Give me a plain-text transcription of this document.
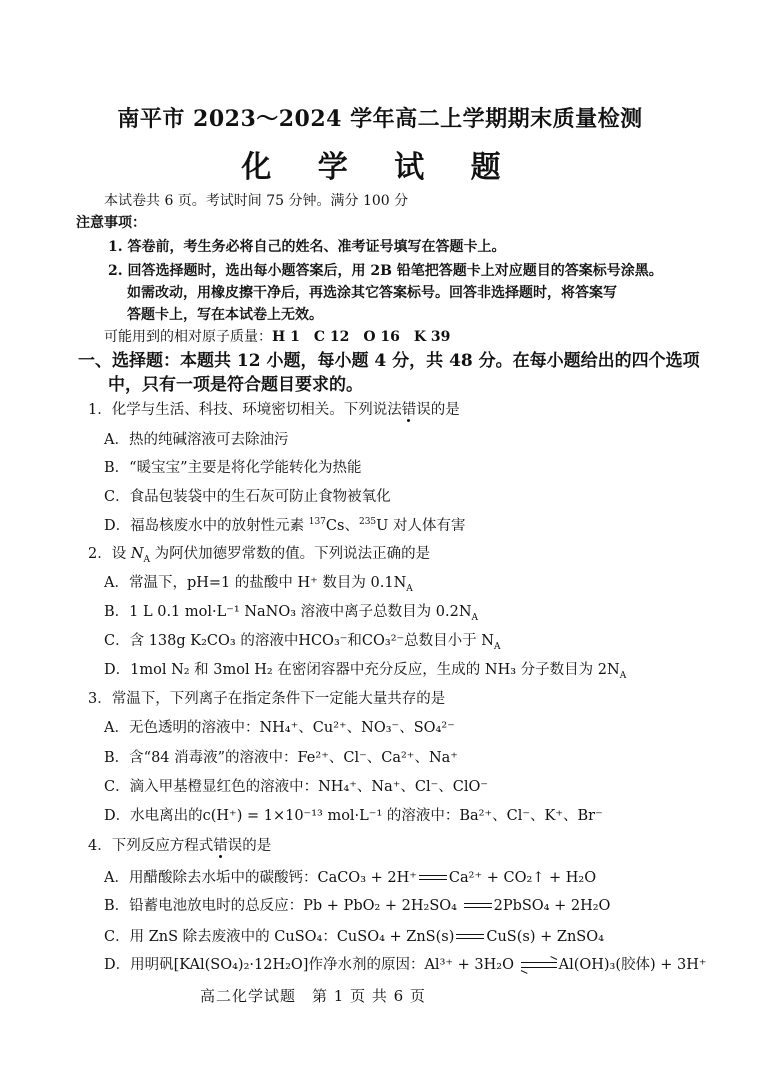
南平市 2023～2024 学年高二上学期期末质量检测
化 学 试 题
本试卷共 6 页。考试时间 75 分钟。满分 100 分
注意事项：
1. 答卷前，考生务必将自己的姓名、准考证号填写在答题卡上。
2. 回答选择题时，选出每小题答案后，用 2B 铅笔把答题卡上对应题目的答案标号涂黑。
如需改动，用橡皮擦干净后，再选涂其它答案标号。回答非选择题时，将答案写
答题卡上，写在本试卷上无效。
可能用到的相对原子质量：H 1　C 12　O 16　K 39
一、选择题：本题共 12 小题，每小题 4 分，共 48 分。在每小题给出的四个选项
中，只有一项是符合题目要求的。
1．化学与生活、科技、环境密切相关。下列说法错误的是
A．热的纯碱溶液可去除油污
B．“暖宝宝”主要是将化学能转化为热能
C．食品包装袋中的生石灰可防止食物被氧化
D．福岛核废水中的放射性元素 $^{137}$Cs、$^{235}$U 对人体有害
2．设 $N_A$ 为阿伏加德罗常数的值。下列说法正确的是
A．常温下，pH=1 的盐酸中 H⁺ 数目为 $0.1N_A$
B．1 L 0.1 mol·L⁻¹ NaNO₃ 溶液中离子总数目为 $0.2N_A$
C．含 138g K₂CO₃ 的溶液中HCO₃⁻和CO₃²⁻总数目小于 $N_A$
D．1mol N₂ 和 3mol H₂ 在密闭容器中充分反应，生成的 NH₃ 分子数目为 $2N_A$
3．常温下，下列离子在指定条件下一定能大量共存的是
A．无色透明的溶液中：NH₄⁺、Cu²⁺、NO₃⁻、SO₄²⁻
B．含“84 消毒液”的溶液中：Fe²⁺、Cl⁻、Ca²⁺、Na⁺
C．滴入甲基橙显红色的溶液中：NH₄⁺、Na⁺、Cl⁻、ClO⁻
D．水电离出的c(H⁺) = 1×10⁻¹³ mol·L⁻¹ 的溶液中：Ba²⁺、Cl⁻、K⁺、Br⁻
4．下列反应方程式错误的是
A．用醋酸除去水垢中的碳酸钙：CaCO₃ + 2H⁺ Ca²⁺ + CO₂↑ + H₂O
B．铅蓄电池放电时的总反应：Pb + PbO₂ + 2H₂SO₄	2PbSO₄ + 2H₂O
C．用 ZnS 除去废液中的 CuSO₄：CuSO₄ + ZnS(s) CuS(s) + ZnSO₄
D．用明矾[KAl(SO₄)₂·12H₂O]作净水剂的原因：Al³⁺ + 3H₂O	Al(OH)₃(胶体) + 3H⁺
高二化学试题　第 1 页 共 6 页
